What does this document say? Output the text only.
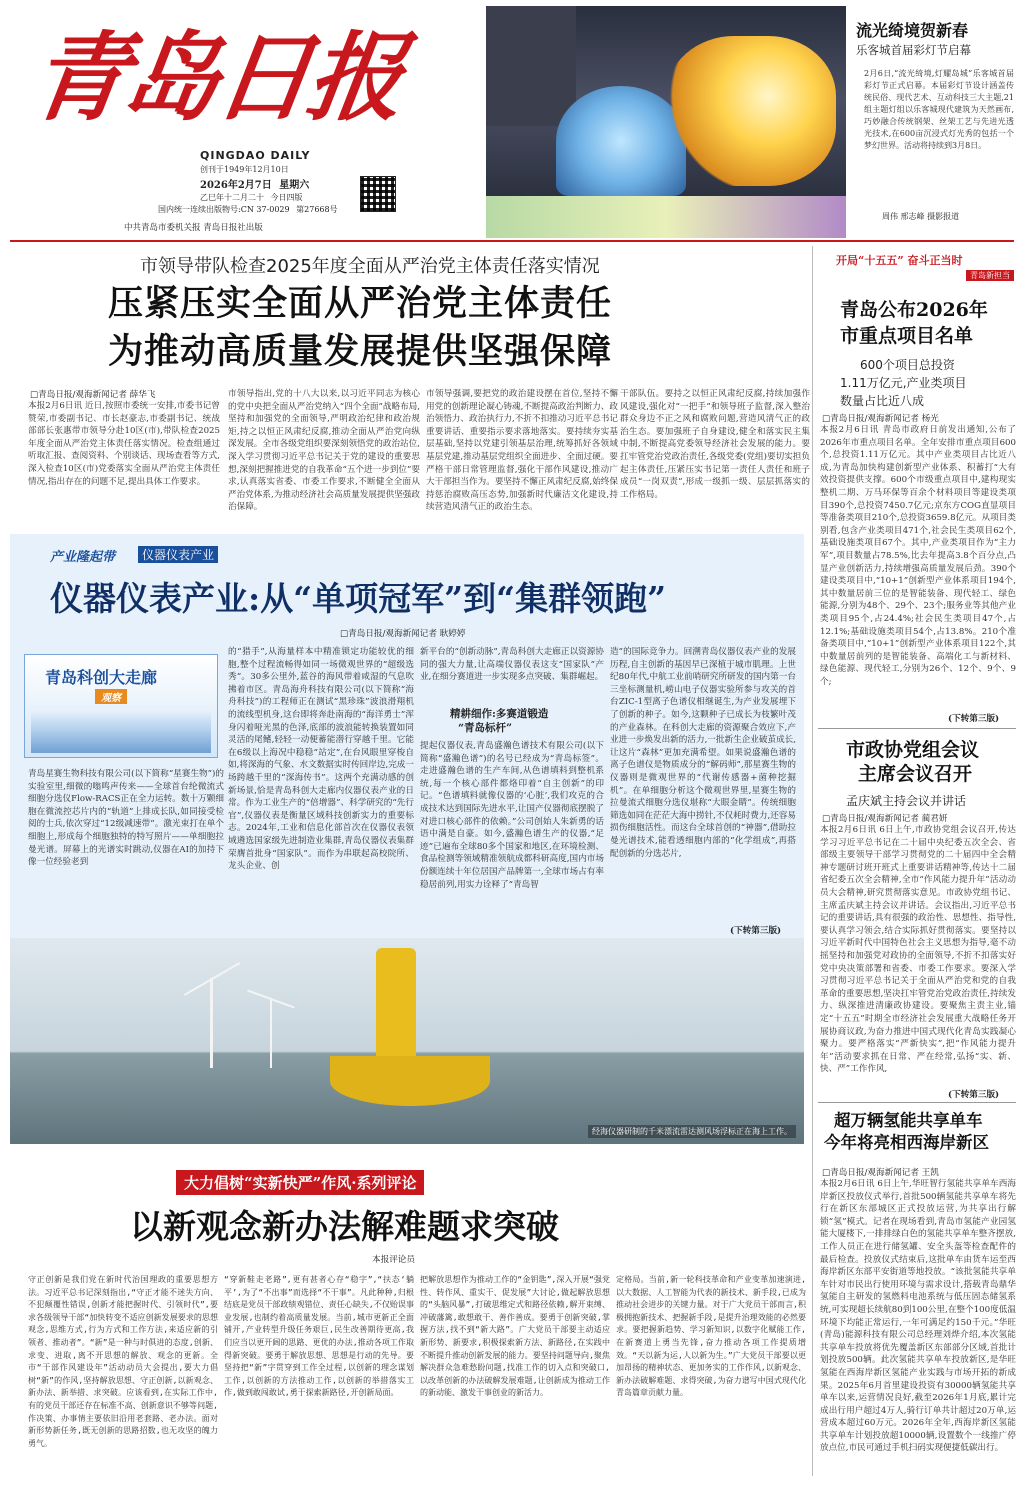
青岛日报
QINGDAO DAILY
创刊于1949年12月10日
2026年2月7日 星期六
乙巳年十二月二十 今日四版
国内统一连续出版物号:CN 37-0029 第27668号
中共青岛市委机关报 青岛日报社出版
流光绮境贺新春
乐客城首届彩灯节启幕
2月6日,“流光绮境,灯耀岛城”乐客城首届彩灯节正式启幕。本届彩灯节设计涵盖传统民俗、现代艺术、互动科技三大主题,21组主题灯组以乐客城现代建筑为天然画布,巧妙融合传统钢架、丝架工艺与先进光透光技术,在600亩沉浸式灯光秀的包括一个梦幻世界。活动将持续到3月8日。
周伟 邢志峰 摄影报道
市领导带队检查2025年度全面从严治党主体责任落实情况
压紧压实全面从严治党主体责任
为推动高质量发展提供坚强保障
□青岛日报/观海新闻记者 薛华飞
本报2月6日讯 近日,按照市委统一安排,市委书记曾赞荣,市委副书记、市长赵豪志,市委副书记、统战部部长张惠带市领导分赴10区(市),带队检查2025年度全面从严治党主体责任落实情况。检查组通过听取汇报、查阅资料、个别谈话、现场查看等方式,深入检查10区(市)党委落实全面从严治党主体责任情况,指出存在的问题不足,提出具体工作要求。
市领导指出,党的十八大以来,以习近平同志为核心的党中央把全面从严治党纳入“四个全面”战略布局,坚持和加强党的全面领导,严明政治纪律和政治规矩,持之以恒正风肃纪反腐,推动全面从严治党向纵深发展。全市各级党组织要深刻领悟党的政治站位,深入学习贯彻习近平总书记关于党的建设的重要思想,深刻把握推进党的自我革命“五个进一步到位”要求,认真落实省委、市委工作要求,不断健全全面从严治党体系,为推动经济社会高质量发展提供坚强政治保障。
市领导强调,要把党的政治建设摆在首位,坚持不懈用党的创新理论凝心铸魂,不断提高政治判断力、政治领悟力、政治执行力,不折不扣推动习近平总书记重要讲话、重要指示要求落地落实。要持续夯实基层基础,坚持以党建引领基层治理,统筹抓好各领域基层党建,推动基层党组织全面进步、全面过硬。要严格干部日常管理监督,强化干部作风建设,推动广大干部担当作为。要坚持不懈正风肃纪反腐,始终保持惩治腐败高压态势,加强新时代廉洁文化建设,持续营造风清气正的政治生态。
干部队伍。要持之以恒正风肃纪反腐,持续加强作风建设,强化对“一把手”和领导班子监督,深入整治群众身边不正之风和腐败问题,营造风清气正的政治生态。要加强班子自身建设,健全和落实民主集中制,不断提高党委领导经济社会发展的能力。要扛牢管党治党政治责任,各级党委(党组)要切实担负起主体责任,压紧压实书记第一责任人责任和班子成员“一岗双责”,形成一级抓一级、层层抓落实的工作格局。
产业隆起带	仪器仪表产业
仪器仪表产业:从“单项冠军”到“集群领跑”
□青岛日报/观海新闻记者 耿婷婷
青岛科创大走廊
观察
青岛星赛生物科技有限公司(以下简称“星赛生物”)的实验室里,细微的嗡鸣声传来——全球首台纶微流式细胞分选仪Flow-RACS正在全力运转。数十万颗细胞在微流控芯片内的“轨道”上排成长队,如同接受检阅的士兵,依次穿过“12级减速带”。激光束打在单个细胞上,形成每个细胞独特的特写照片——单细胞拉曼光谱。屏幕上的光谱实时跳动,仪器在AI的加持下像一位经验老到
的“猎手”,从海量样本中精准锁定功能较优的细胞,整个过程流畅得如同一场微观世界的“超级选秀”。30多公里外,蓝谷的海风带着咸湿的气息吹拂着市区。青岛海舟科技有限公司(以下简称“海舟科技”)的工程师正在测试“黑珍珠”波浪滑翔机的流线型机身,这台即将奔赴南海的“海洋勇士”浑身闪着哑光黑的色泽,底部的波浪能转换装置如同灵活的尾鳍,轻轻一动便蓄能潜行穿越千里。它能在6级以上海况中稳稳“站定”,在台风眼里穿梭自如,将深海的气象、水文数据实时传回岸边,完成一场跨越千里的“深海传书”。这两个充满动感的创新场景,恰是青岛科创大走廊内仪器仪表产业的日常。作为工业生产的“倍增器”、科学研究的“先行官”,仪器仪表是衡量区域科技创新实力的重要标志。2024年,工业和信息化部首次在仪器仪表领域遴选国家级先进制造业集群,青岛仪器仪表集群荣膺首批身“国家队”。而作为串联起高校院所、龙头企业、创
新平台的“创新动脉”,青岛科创大走廊正以资源协同的强大力量,让高端仪器仪表这支“国家队”产业,在细分赛道进一步实现多点突破、集群崛起。
精耕细作:多赛道锻造
“青岛标杆”
提起仪器仪表,青岛盛瀚色谱技术有限公司(以下简称“盛瀚色谱”)的名号已经成为“青岛标签”。走进盛瀚色谱的生产车间,从色谱填料到整机系统,每一个核心部件都烙印着“自主创新”的印记。“色谱填料就像仪器的‘心脏’,我们攻克的合成技术达到国际先进水平,让国产仪器彻底摆脱了对进口核心部件的依赖。”公司创始人朱新勇的话语中满是自豪。如今,盛瀚色谱生产的仪器,“足迹”已遍布全球80多个国家和地区,在环境检测、食品检测等领域精准领航成都科研高度,国内市场份额连续十年位居国产品牌第一,全球市场占有率稳居前列,用实力诠释了“青岛智
造”的国际竞争力。回溯青岛仪器仪表产业的发展历程,自主创新的基因早已深植于城市肌理。上世纪80年代,中航工业前哨研究所研发的国内第一台三坐标测量机,崂山电子仪器实验所参与攻关的首台ZIC-1型离子色谱仪相继诞生,为产业发展埋下了创新的种子。如今,这颗种子已成长为枝繁叶茂的产业森林。在科创大走廊的资源聚合效应下,产业进一步焕发出新的活力,一批新生企业破茧成长,让这片“森林”更加充满希望。如果说盛瀚色谱的离子色谱仪是物质成分的“解码师”,那星赛生物的仪器则是微观世界的“代谢传感器+菌种挖掘机”。在单细胞分析这个微观世界里,星赛生物的拉曼流式细胞分选仪堪称“大眼金睛”。传统细胞筛选如同在茫茫大海中捞针,不仅耗时费力,还容易损伤细胞活性。而这台全球首创的“神器”,借助拉曼光谱技术,能看透细胞内部的“化学组成”,再搭配创新的分选芯片,
(下转第三版)
经海仪器研制的千米漂流雷达测风场浮标正在海上工作。
大力倡树“实新快严”作风·系列评论
以新观念新办法解难题求突破
本报评论员
守正创新是我们党在新时代治国理政的重要思想方法。习近平总书记深刻指出,“守正才能不迷失方向、不犯颠覆性错误,创新才能把握时代、引领时代”,要求各级领导干部“加快转变不适应创新发展要求的思想观念,思维方式,行为方式和工作方法,来适应新的引领者、推动者”。“新”是一种与时俱进的态度,创新、求变、进取,离不开思想的解放、观念的更新。全市“干部作风建设年”活动动员大会提出,要大力倡树“新”的作风,坚持解放思想、守正创新,以新观念、新办法、新举措、求突破。应该看到,在实际工作中,有的党员干部还存在标准不高、创新意识不够等问题,作决策、办事情主要依旧沿用老套路、老办法。面对新形势新任务,既无创新的思路招数,也无攻坚的魄力勇气。
“穿新鞋走老路”,更有甚者心存“稳字”,“扶态‘躺平’,为了“不出事”而选择“不干事”。凡此种种,归根结底是党员干部政绩观错位、责任心缺失,不仅贻误事业发展,也制约着高质量发展。当前,城市更新正全面铺开,产业转型升级任务艰巨,民生改善期待更高,我们应当以更开阔的思路、更优的办法,推动各项工作取得新突破。要勇于解放思想、思想是行动的先导。要坚持把“新”字贯穿到工作全过程,以创新的理念谋划工作,以创新的方法推动工作,以创新的举措落实工作,做到敢闯敢试,勇于探索新路径,开创新局面。
把解放思想作为推动工作的“金钥匙”,深入开展“强党性、转作风、重实干、促发展”大讨论,做起解放思想的“头脑风暴”,打破思维定式和路径依赖,解开束缚、冲破藩篱,敢想敢干、善作善成。要勇于创新突破,掌握方法,找不到“新大路”。广大党员干部要主动适应新形势、新要求,积极探索新方法、新路径,在实践中不断提升推动创新发展的能力。要坚持问题导向,聚焦解决群众急难愁盼问题,找准工作的切入点和突破口,以改革创新的办法破解发展难题,让创新成为推动工作的新动能、激发干事创业的新活力。
定格局。当前,新一轮科技革命和产业变革加速演进,以大数据、人工智能为代表的新技术、新手段,已成为推动社会进步的关键力量。对于广大党员干部而言,积极拥抱新技术、把握新手段,是提升治理效能的必然要求。要把握新趋势、学习新知识,以数字化赋能工作,在新赛道上勇当先锋,奋力推动各项工作提质增效。“天以新为运,人以新为生。”广大党员干部要以更加昂扬的精神状态、更加务实的工作作风,以新观念、新办法破解难题、求得突破,为奋力谱写中国式现代化青岛篇章贡献力量。
开局“十五五” 奋斗正当时
青岛新担当
青岛公布2026年
市重点项目名单
600个项目总投资
1.11万亿元,产业类项目
数量占比近八成
□青岛日报/观海新闻记者 杨光
本报2月6日讯 青岛市政府日前发出通知,公布了2026年市重点项目名单。全年安排市重点项目600个,总投资1.11万亿元。其中产业类项目占比近八成,为青岛加快构建创新型产业体系、积蓄打“大有效投资提供支撑。600个市级重点项目中,建构现实整机二期、万马环保等百余个材料项目等建设类项目390个,总投资7450.7亿元;京东方COG直显项目等准备类项目210个,总投资3659.8亿元。从项目类别看,包含产业类项目471个,社会民生类项目62个,基础设施类项目67个。其中,产业类项目作为“主力军”,项目数量占78.5%,比去年提高3.8个百分点,凸显产业创新活力,持续增强高质量发展后劲。390个建设类项目中,“10+1”创新型产业体系项目194个,其中数量居前三位的是智能装备、现代轻工、绿色能源,分别为48个、29个、23个;服务业等其他产业类项目95个,占24.4%;社会民生类项目47个,占12.1%;基础设施类项目54个,占13.8%。210个准备类项目中,“10+1”创新型产业体系项目122个,其中数量居前列的是智能装备、高端化工与新材料、绿色能源、现代轻工,分别为26个、12个、9个、9个;
(下转第三版)
市政协党组会议
主席会议召开
孟庆斌主持会议并讲话
□青岛日报/观海新闻记者 蔺君妍
本报2月6日讯 6日上午,市政协党组会议召开,传达学习习近平总书记在二十届中央纪委五次全会、省部级主要领导干部学习贯彻党的二十届四中全会精神专题研讨班开班式上重要讲话精神等,传达十二届省纪委五次全会精神,全市“作风能力提升年”活动动员大会精神,研究贯彻落实意见。市政协党组书记、主席孟庆斌主持会议并讲话。会议指出,习近平总书记的重要讲话,具有很强的政治性、思想性、指导性,要认真学习领会,结合实际抓好贯彻落实。要坚持以习近平新时代中国特色社会主义思想为指导,毫不动摇坚持和加强党对政协的全面领导,不折不扣落实好党中央决策部署和省委、市委工作要求。要深入学习贯彻习近平总书记关于全面从严治党和党的自我革命的重要思想,坚决扛牢管党治党政治责任,持续发力、纵深推进清廉政协建设。要聚焦主责主业,锚定“十五五”时期全市经济社会发展重大战略任务开展协商议政,为奋力推进中国式现代化青岛实践凝心聚力。要严格落实“严新快实”,把“作风能力提升年”活动要求抓在日常、严在经常,弘扬“实、新、快、严”工作作风,
(下转第三版)
超万辆氢能共享单车
今年将亮相西海岸新区
□青岛日报/观海新闻记者 王凯
本报2月6日讯 6日上午,华旺智行氢能共享单车西海岸新区投放仪式举行,首批500辆氢能共享单车将先行在新区东部城区正式投放运营,为共享出行解锁“氢”模式。记者在现场看到,青岛市氢能产业园氢能大厦楼下,一排排绿白色的氢能共享单车整齐摆放,工作人员正在进行储氢罐、安全头盔等检查配件的最后检查。投放仪式结束后,这批单车由货车运至西海岸新区东部平安街道等地投放。“该批氢能共享单车针对市民出行使用环境与需求设计,搭载青岛鼎华氢能自主研发的氢燃料电池系统与低压固态储氢系统,可实现超长续航80到100公里,在整个100度低温环境下均能正常运行,一年可满足约150千元。”华旺(青岛)能源科技有限公司总经理刘烨介绍,本次氢能共享单车投放将优先覆盖新区东部部分区域,首批计划投放500辆。此次氢能共享单车投放新区,是华旺氢能在西海岸新区氢能产业实践与市场开拓的新成果。2025年6月首里建设投资有30000辆氢能共享单车以来,运营情况良好,截至2026年1月底,累计完成出行用户超过4万人,骑行订单共计超过20万单,运营成本超过60万元。2026年全年,西海岸新区氢能共享单车计划投放超10000辆,设置数个一线推广停放点位,市民可通过手机扫码实现便捷低碳出行。
